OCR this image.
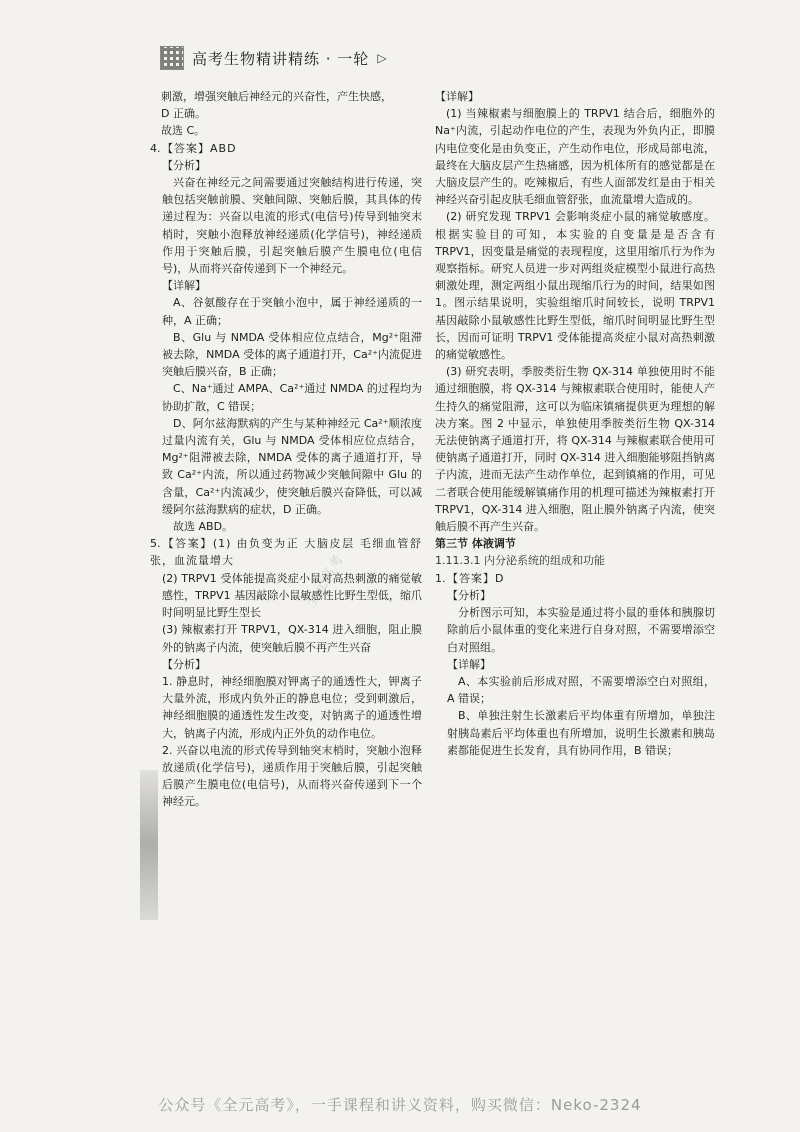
高考生物精讲精练 · 一轮 ▷

刺激，增强突触后神经元的兴奋性，产生快感，

D 正确。

故选 C。

4. 【答案】ABD

【分析】

兴奋在神经元之间需要通过突触结构进行传递，突触包括突触前膜、突触间隙、突触后膜，其具体的传递过程为：兴奋以电流的形式(电信号)传导到轴突末梢时，突触小泡释放神经递质(化学信号)，神经递质作用于突触后膜，引起突触后膜产生膜电位(电信号)，从而将兴奋传递到下一个神经元。

【详解】

A、谷氨酸存在于突触小泡中，属于神经递质的一种，A 正确；

B、Glu 与 NMDA 受体相应位点结合，Mg²⁺阻滞被去除，NMDA 受体的离子通道打开，Ca²⁺内流促进突触后膜兴奋，B 正确；

C、Na⁺通过 AMPA、Ca²⁺通过 NMDA 的过程均为协助扩散，C 错误；

D、阿尔兹海默病的产生与某种神经元 Ca²⁺顺浓度过量内流有关，Glu 与 NMDA 受体相应位点结合，Mg²⁺阻滞被去除，NMDA 受体的离子通道打开，导致 Ca²⁺内流，所以通过药物减少突触间隙中 Glu 的含量，Ca²⁺内流减少，使突触后膜兴奋降低，可以减缓阿尔兹海默病的症状，D 正确。

故选 ABD。

5. 【答案】(1) 由负变为正 大脑皮层 毛细血管舒张，血流量增大

(2) TRPV1 受体能提高炎症小鼠对高热刺激的痛觉敏感性，TRPV1 基因敲除小鼠敏感性比野生型低，缩爪时间明显比野生型长

(3) 辣椒素打开 TRPV1，QX-314 进入细胞，阻止膜外的钠离子内流，使突触后膜不再产生兴奋

【分析】

1. 静息时，神经细胞膜对钾离子的通透性大，钾离子大量外流，形成内负外正的静息电位；受到刺激后，神经细胞膜的通透性发生改变，对钠离子的通透性增大，钠离子内流，形成内正外负的动作电位。

2. 兴奋以电流的形式传导到轴突末梢时，突触小泡释放递质(化学信号)，递质作用于突触后膜，引起突触后膜产生膜电位(电信号)，从而将兴奋传递到下一个神经元。

【详解】

(1) 当辣椒素与细胞膜上的 TRPV1 结合后，细胞外的 Na⁺内流，引起动作电位的产生，表现为外负内正，即膜内电位变化是由负变正，产生动作电位，形成局部电流，最终在大脑皮层产生热痛感，因为机体所有的感觉都是在大脑皮层产生的。吃辣椒后，有些人面部发红是由于相关神经兴奋引起皮肤毛细血管舒张，血流量增大造成的。

(2) 研究发现 TRPV1 会影响炎症小鼠的痛觉敏感度。根据实验目的可知，本实验的自变量是是否含有 TRPV1，因变量是痛觉的表现程度，这里用缩爪行为作为观察指标。研究人员进一步对两组炎症模型小鼠进行高热刺激处理，测定两组小鼠出现缩爪行为的时间，结果如图 1。图示结果说明，实验组缩爪时间较长，说明 TRPV1 基因敲除小鼠敏感性比野生型低，缩爪时间明显比野生型长，因而可证明 TRPV1 受体能提高炎症小鼠对高热刺激的痛觉敏感性。

(3) 研究表明，季胺类衍生物 QX-314 单独使用时不能通过细胞膜，将 QX-314 与辣椒素联合使用时，能使人产生持久的痛觉阻滞，这可以为临床镇痛提供更为理想的解决方案。图 2 中显示，单独使用季胺类衍生物 QX-314 无法使钠离子通道打开，将 QX-314 与辣椒素联合使用可使钠离子通道打开，同时 QX-314 进入细胞能够阻挡钠离子内流，进而无法产生动作单位，起到镇痛的作用，可见二者联合使用能缓解镇痛作用的机理可描述为辣椒素打开 TRPV1，QX-314 进入细胞，阻止膜外钠离子内流，使突触后膜不再产生兴奋。

第三节 体液调节

1.11.3.1 内分泌系统的组成和功能

1. 【答案】D

【分析】

分析图示可知，本实验是通过将小鼠的垂体和胰腺切除前后小鼠体重的变化来进行自身对照，不需要增添空白对照组。

【详解】

A、本实验前后形成对照，不需要增添空白对照组，A 错误；

B、单独注射生长激素后平均体重有所增加，单独注射胰岛素后平均体重也有所增加，说明生长激素和胰岛素都能促进生长发育，具有协同作用，B 错误；

全元高考
公众号《全元高考》，一手课程和讲义资料，购买微信：Neko-2324
